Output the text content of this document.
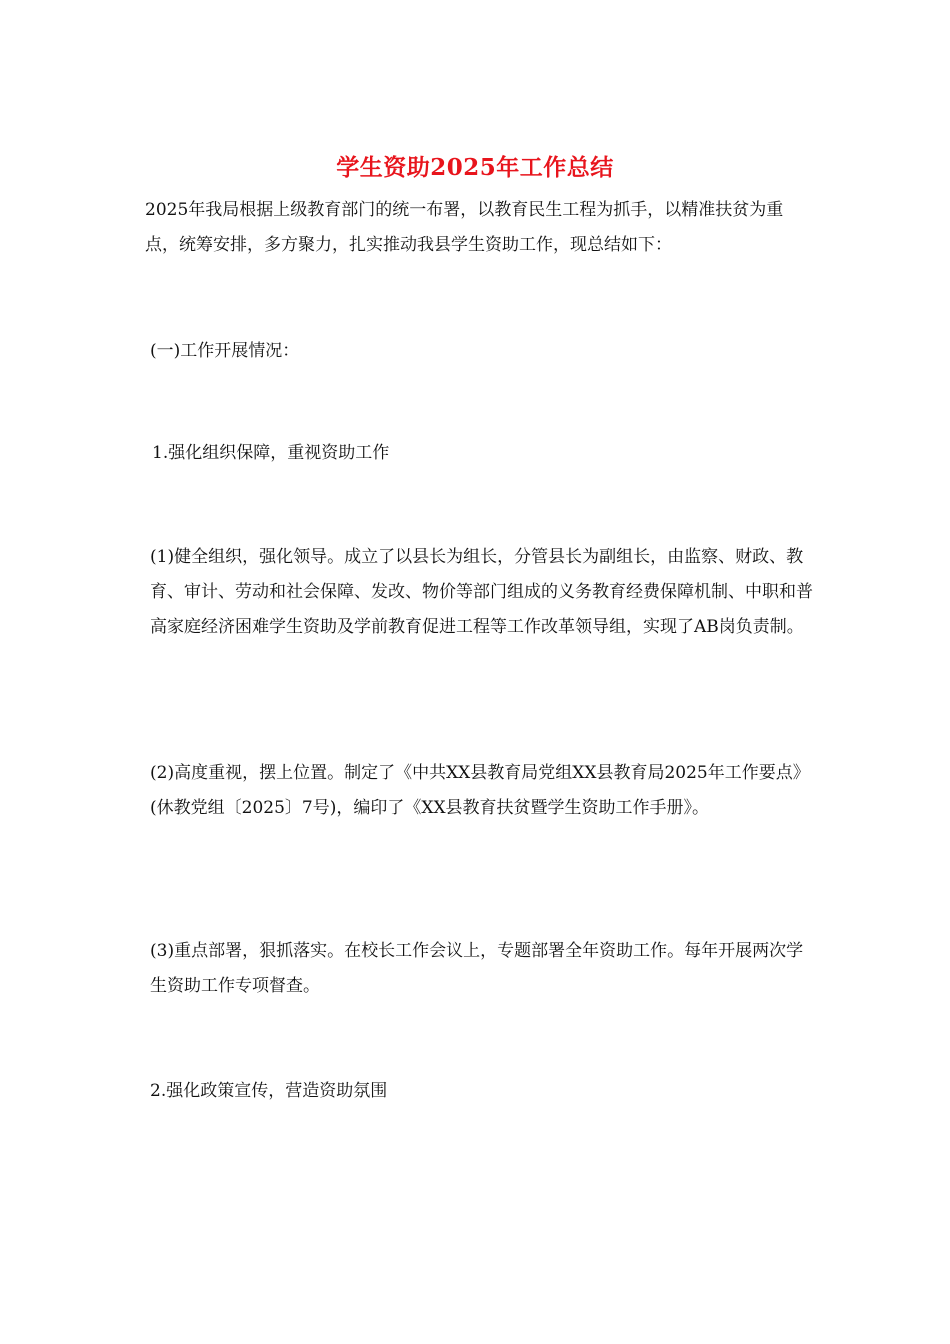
学生资助2025年工作总结

2025年我局根据上级教育部门的统一布署，以教育民生工程为抓手，以精准扶贫为重点，统筹安排，多方聚力，扎实推动我县学生资助工作，现总结如下：

(一)工作开展情况：

1.强化组织保障，重视资助工作

(1)健全组织，强化领导。成立了以县长为组长，分管县长为副组长，由监察、财政、教育、审计、劳动和社会保障、发改、物价等部门组成的义务教育经费保障机制、中职和普高家庭经济困难学生资助及学前教育促进工程等工作改革领导组，实现了AB岗负责制。

(2)高度重视，摆上位置。制定了《中共XX县教育局党组XX县教育局2025年工作要点》(休教党组〔2025〕7号)，编印了《XX县教育扶贫暨学生资助工作手册》。

(3)重点部署，狠抓落实。在校长工作会议上，专题部署全年资助工作。每年开展两次学生资助工作专项督查。

2.强化政策宣传，营造资助氛围
